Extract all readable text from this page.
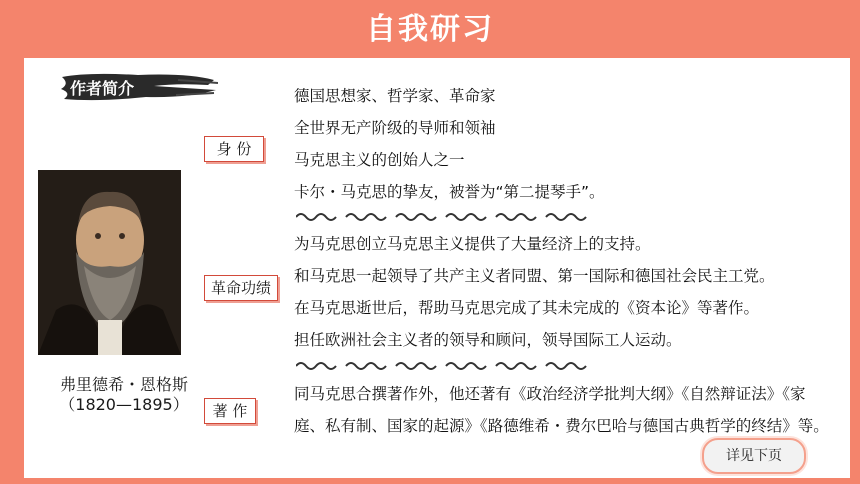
自我研习
作者简介
弗里德希・恩格斯
（1820—1895）
身 份
革命功绩
著 作
德国思想家、哲学家、革命家
全世界无产阶级的导师和领袖
马克思主义的创始人之一
卡尔・马克思的挚友，被誉为“第二提琴手”。
为马克思创立马克思主义提供了大量经济上的支持。
和马克思一起领导了共产主义者同盟、第一国际和德国社会民主工党。
在马克思逝世后，帮助马克思完成了其未完成的《资本论》等著作。
担任欧洲社会主义者的领导和顾问，领导国际工人运动。
同马克思合撰著作外，他还著有《政治经济学批判大纲》《自然辩证法》《家庭、私有制、国家的起源》《路德维希・费尔巴哈与德国古典哲学的终结》等。
详见下页
